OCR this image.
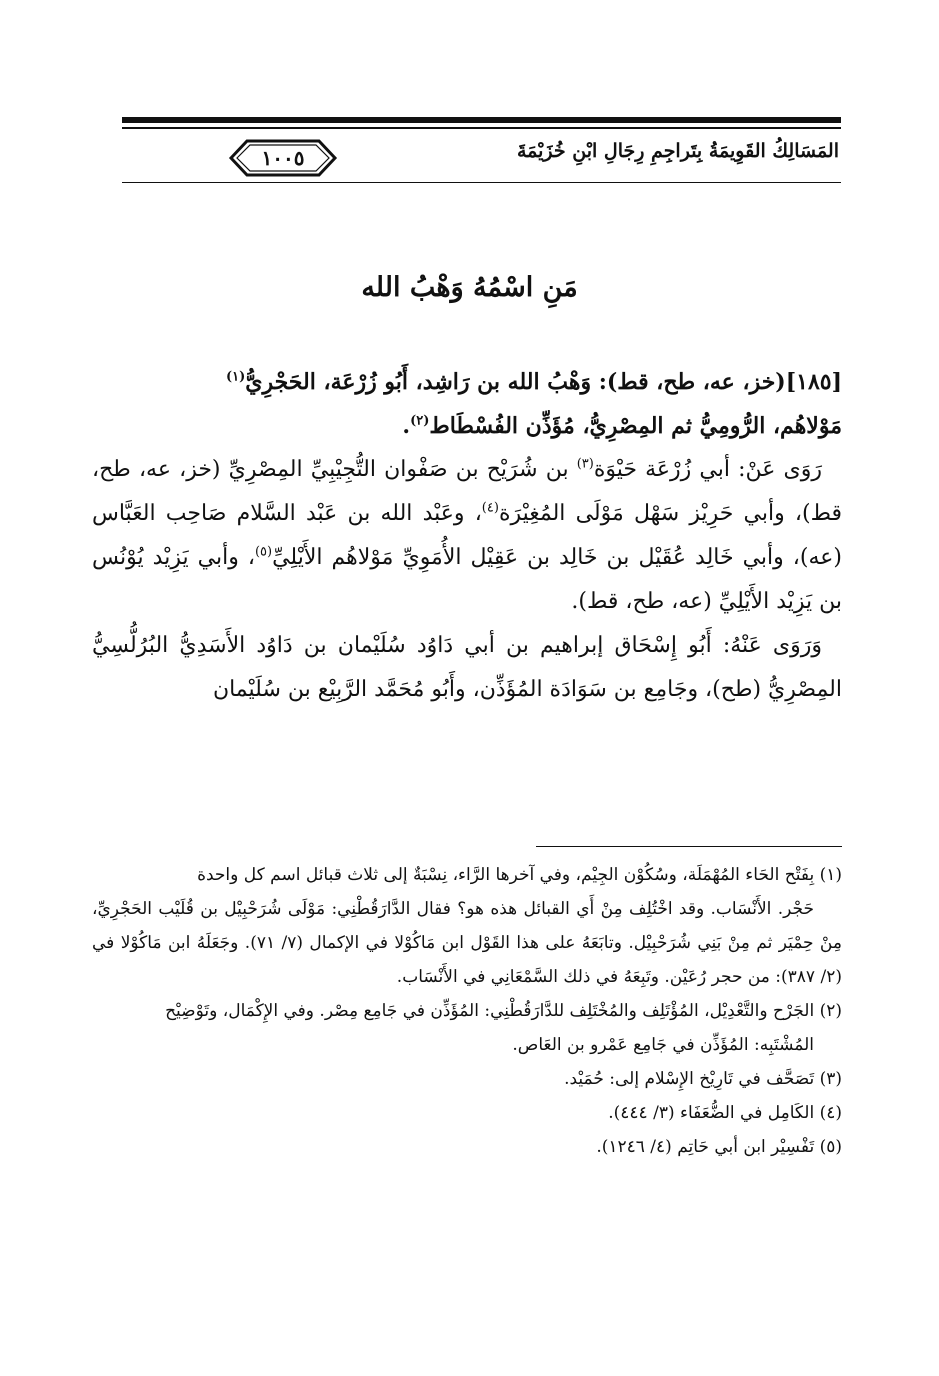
المَسَالِكُ القَوِيمَةُ بِتَراجِمِ رِجَالِ ابْنِ خُزَيْمَةَ
١٠٠٥
مَنِ اسْمُهُ وَهْبُ الله

[١٨٥](خز، عه، طح، قط): وَهْبُ الله بن رَاشِد، أَبُو زُرْعَة، الحَجْرِيُّ$^{(١)}$

مَوْلاهُم، الرُّومِيُّ ثم المِصْرِيُّ، مُؤَذِّن الفُسْطَاط$^{(٢)}$.

رَوَى عَنْ: أبي زُرْعَة حَيْوَة$^{(٣)}$ بن شُرَيْح بن صَفْوان التُّجِيْبِيِّ المِصْرِيِّ (خز، عه، طح، قط)، وأبي حَرِيْز سَهْل مَوْلَى المُغِيْرَة$^{(٤)}$، وعَبْد الله بن عَبْد السَّلام صَاحِب العَبَّاس (عه)، وأبي خَالِد عُقَيْل بن خَالِد بن عَقِيْل الأُمَوِيِّ مَوْلاهُم الأَيْلِيِّ$^{(٥)}$، وأبي يَزِيْد يُوْنُس بن يَزِيْد الأَيْلِيِّ (عه، طح، قط).

وَرَوَى عَنْهُ: أَبُو إِسْحَاق إبراهيم بن أبي دَاوُد سُلَيْمان بن دَاوُد الأَسَدِيُّ البُرُلُّسِيُّ المِصْرِيُّ (طح)، وجَامِع بن سَوَادَة المُؤَذِّن، وأَبُو مُحَمَّد الرَّبِيْع بن سُلَيْمان

(١) بِفَتْح الحَاء المُهْمَلَة، وسُكُوْن الجِيْم، وفي آخرها الرَّاء، نِسْبَةٌ إلى ثلاث قبائل اسم كل واحدة
حَجْر. الأَنْسَاب. وقد اخْتُلِف مِنْ أَي القبائل هذه هو؟ فقال الدَّارَقُطْنِي: مَوْلَى شُرَحْبِيْل بن قُلَيْب الحَجْرِيِّ، مِنْ حِمْيَر ثم مِنْ بَنِي شُرَحْبِيْل. وتابَعَهُ على هذا القَوْل ابن مَاكُوْلا في الإكمال (٧/ ٧١). وجَعَلَهُ ابن مَاكُوْلا في (٢/ ٣٨٧): من حجر رُعَيْن. وتَبِعَهُ في ذلك السَّمْعَانِي في الأَنْسَاب.

(٢) الجَرْح والتَّعْدِيْل، المُؤْتَلِف والمُخْتَلِف للدَّارَقُطْنِي: المُؤَذِّن في جَامِع مِصْر. وفي الإِكْمَال، وتَوْضِيْح
المُشْتَبِه: المُؤَذِّن في جَامِع عَمْرو بن العَاص.

(٣) تَصَحَّف في تَارِيْخ الإِسْلام إلى: حُمَيْد.

(٤) الكَامِل في الضُّعَفَاء (٣/ ٤٤٤).

(٥) تَفْسِيْر ابن أبي حَاتِم (٤/ ١٢٤٦).
